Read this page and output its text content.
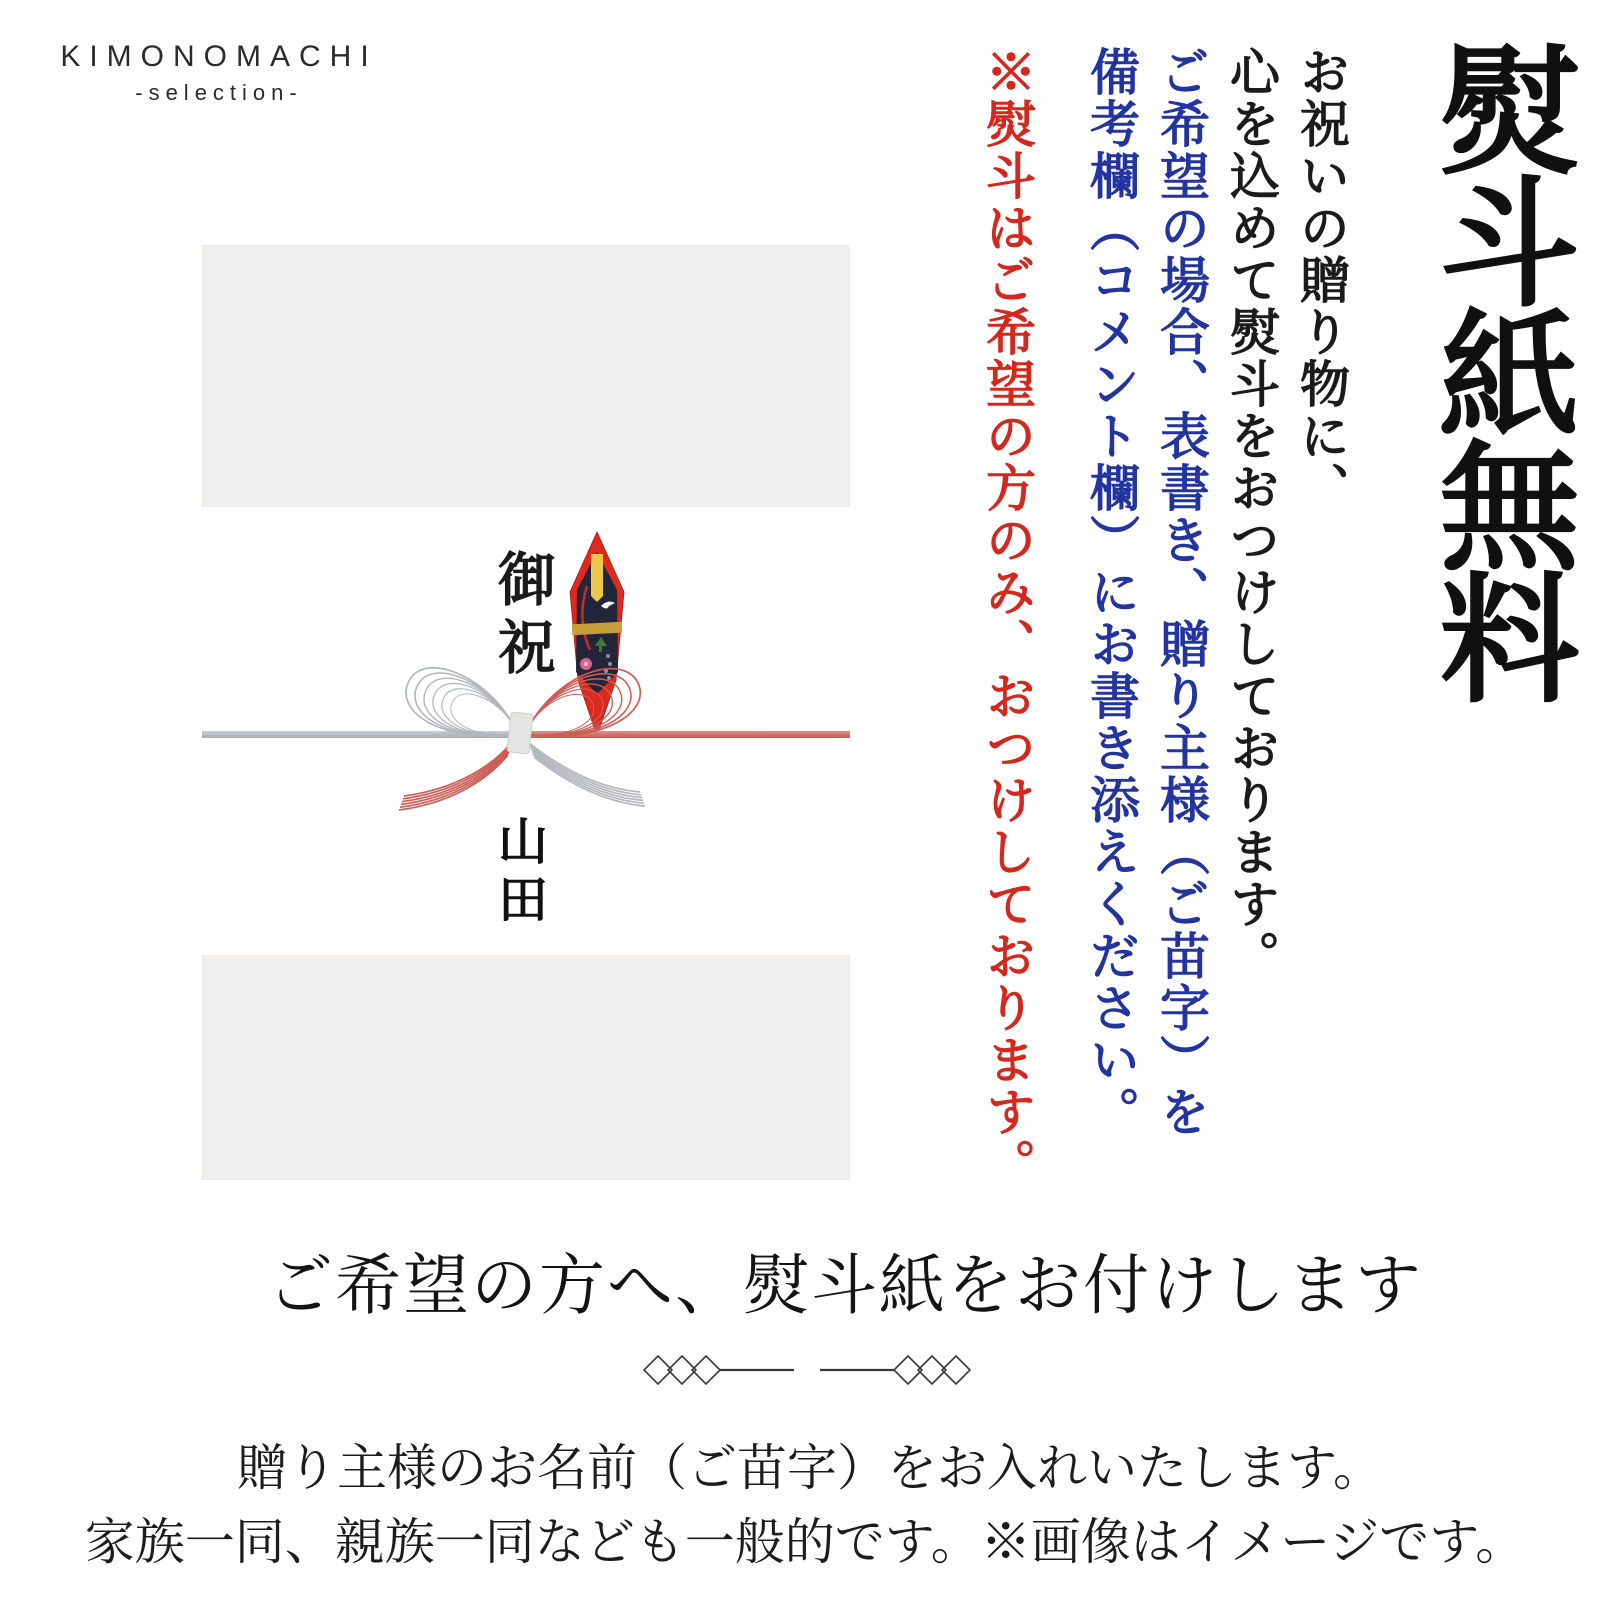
KIMONOMACHI
-selection-	熨斗紙無料

お祝いの贈り物に、

心を込めて熨斗をおつけしております。

ご希望の場合、表書き、贈り主様（ご苗字）を

備考欄（コメント欄）にお書き添えください。

※熨斗はご希望の方のみ、おつけしております。

御祝
山田
ご希望の方へ、熨斗紙をお付けします
贈り主様のお名前（ご苗字）をお入れいたします。
家族一同、親族一同なども一般的です。※画像はイメージです。
